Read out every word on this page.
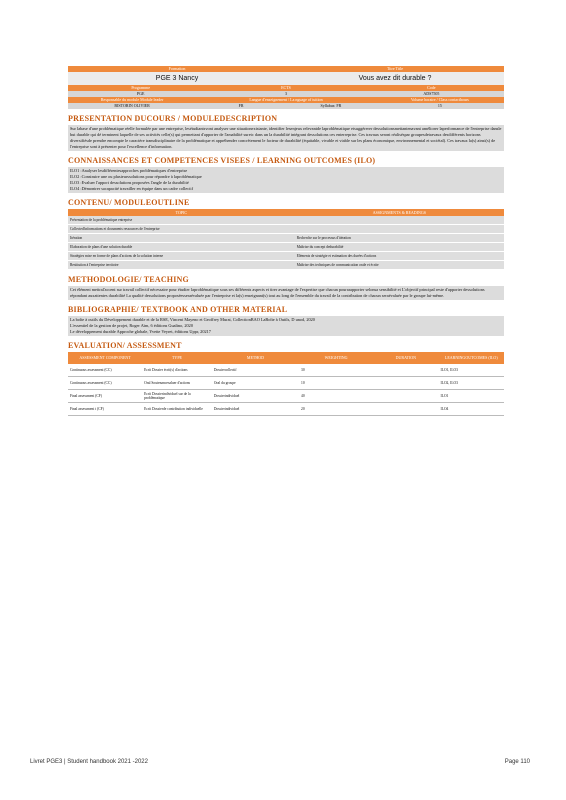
Formation	Titre Title
PGE 3 Nancy	Vous avez dit durable ?
Programme	ECTS	Code
PGE	3	ADS7505
Responsable du module Module leader	Langue d'enseignement / La nguage of tuition	Volume horaire / Class contacthours
BISTORIN OLIVIER	FR	Syllabus: FR	15
PRESENTATION DUCOURS / MODULEDESCRIPTION

Sur labase d'une problématique réelle formulée par une entreprise, lesétudiantsvont analyser une situationexistante, identifier lesenjeux relevantde laproblématique etsuggérerer dessolutionsmettantenavant améliorer laperformance de l'entreprise dansle but durable qui dé terminent laquelle de ses activités celle(s) qui permettant d'apporter de l'amabilité suretc dans un la durabilité intégrant dessolutions ces enterreprise. Ces travaux seront réaliséspar groupesdetravaux desdifférents horizons diversifiésde prendre encompte le caractère transdisciplinaire de la problématique et appréhender concrètement le facteur de durabilité (équitable, vivable et viable sur les plans économique, environnemental et sociétal). Ces travaux la(s) ainsi(s) de l'entreprise sont à présenter pour l'excellence d'information.

CONNAISSANCES ET COMPETENCES VISEES / LEARNING OUTCOMES (ILO)

ILO1 :Analyser lesdifférentesapproches problématiques d'entreprise

ILO2 :Construire une ou plusieurssolutions pour répondre à laproblématique

ILO3 :Evaluer l'apport dessolutions proposées l'angle de la durabilité

ILO4 :Démontrer sacapacité travailler en équipe dans un cadre collectif

CONTENU/ MODULEOUTLINE
TOPIC	ASSIGNMENTS & READINGS
Présentation de la problématique entreprise	
Collected'informations et documents ressources de l'entreprise	
Itération	Recherche sur le processus d'itération
Elaboration de plans d'une solution durable	Maîtrise du concept dedurabilité
Stratégies mise en forme de plans d'actions de la solution interne	Eléments de stratégie et estimation des durées d'actions
Restitution à l'entreprise territoire	Maîtrise des techniques de communication orale et écrite
METHODOLOGIE/ TEACHING

Cet élément mettral'accent sur travail collectif nécessaire pour étudier laproblématique sous ses différents aspects et tirer avantage de l'expertise que chacun pourraapporter selonsa sensibilité et L'objectif principal reste d'apporter dessolutions répondant auxattentes durabilité La qualité dessolutions proposéesseraévaluée par l'entreprise et la(s) enseignant(s) tout au long de l'ensemble du travail de la contribution de chacun seraévaluée par le groupe lui-même.

BIBLIOGRAPHIE/ TEXTBOOK AND OTHER MATERIAL

La boîte à outils du Développement durable et de la RSE, Vincent Mayeno et Geoffrey Murat, CollectionBAO LaBoîte à Outils, D unod, 2020

L'essentiel de la gestion de projet, Roger Aïm, 6 éditions Gualino, 2020

Le développement durable Approche globale, Yvette Veyret, éditions Uppr, 20217

EVALUATION/ ASSESSMENT
ASSESSMENT COMPONENT	TYPE	METHOD	WEIGHTING	DURATION	LEARNINGOUTCOMES (ILO)
Continuous assessment (CC)	Ecrit Dossier écrit(s) d'actions	Dossiercollectif	30		ILO1, ILO3
Continuous assessment (CC)	Oral Soutenancesaluer d'actions	Oral du groupe	10		ILO2, ILO3
Final assessment (CF)	Ecrit Dossierindividuel sur de la problématique	Dossierindividuel	40		ILO1
Final assessment t (CF)	Ecrit Dossierde contribution individuelle	Dossierindividuel	20		ILO4
Livret PGE3 | Student handbook 2021 -2022	Page 110
